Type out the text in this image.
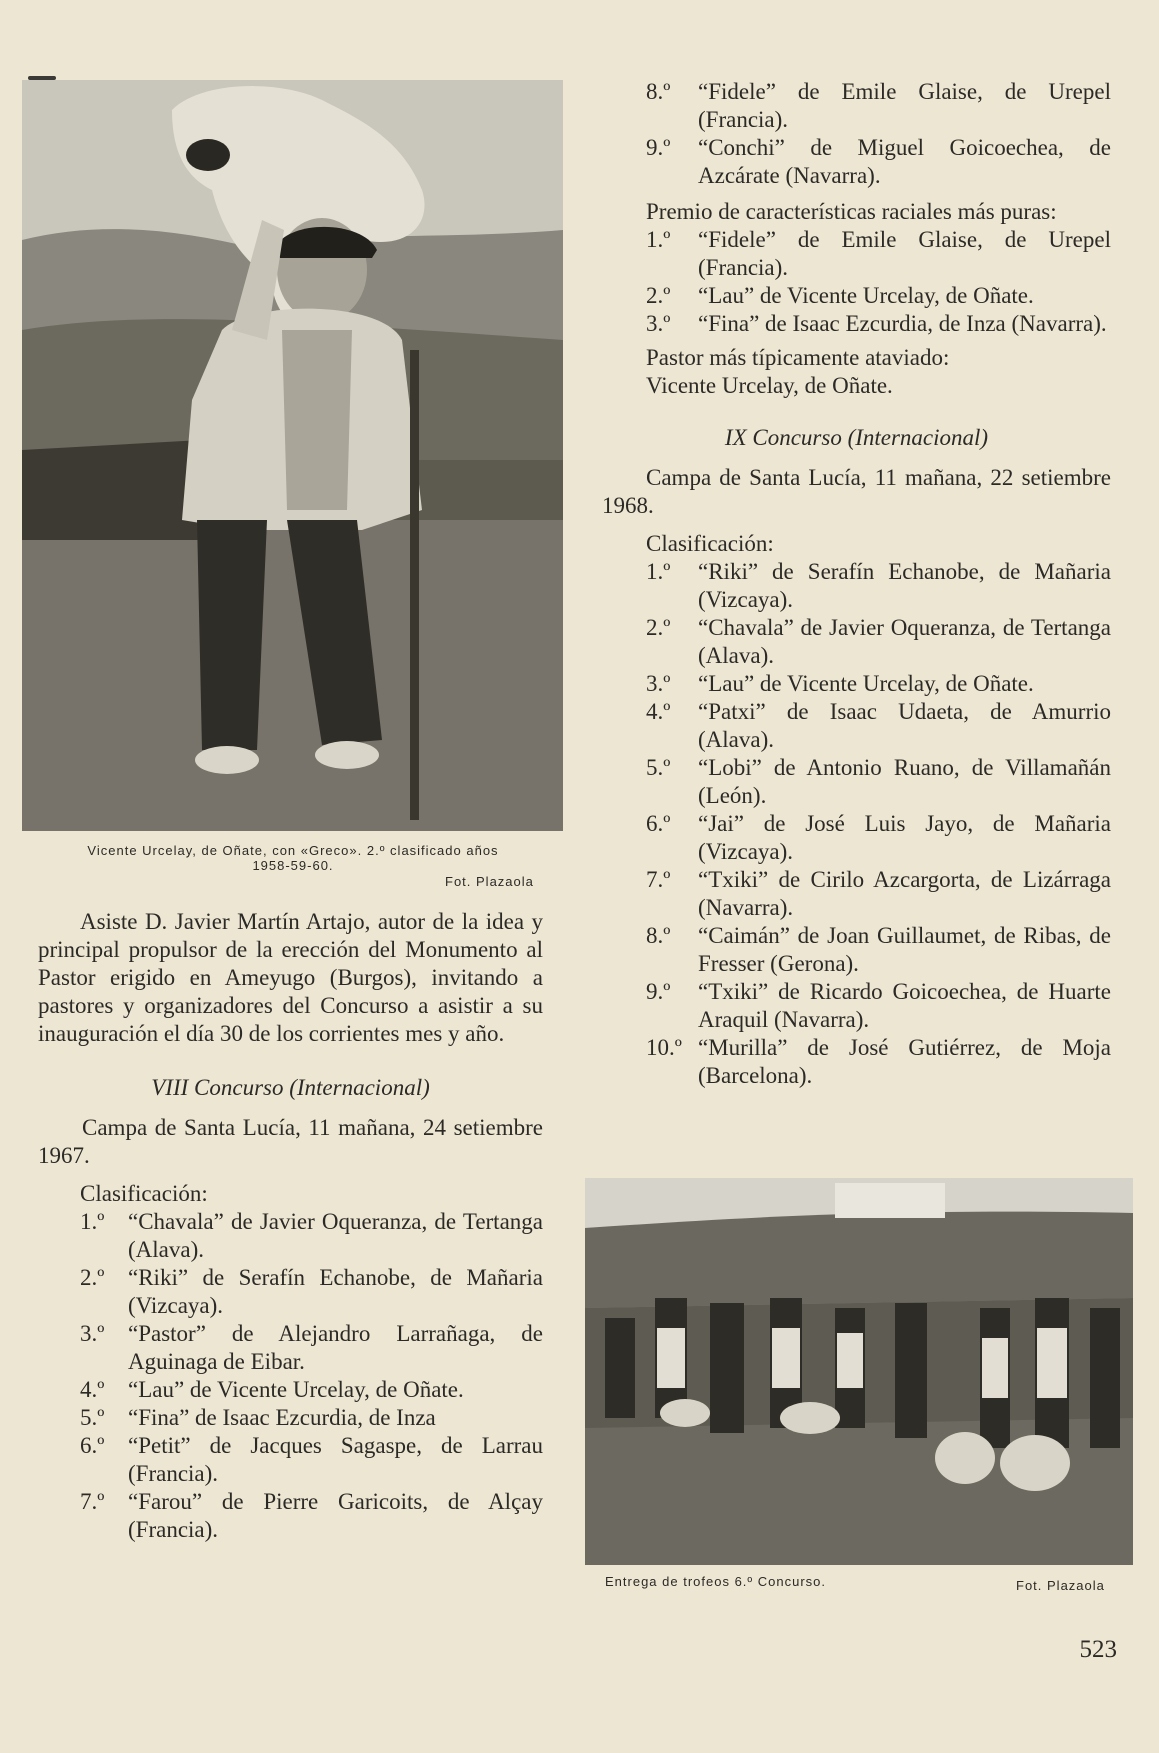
Vicente Urcelay, de Oñate, con «Greco». 2.º clasificado años
1958-59-60.
Fot. Plazaola

Asiste D. Javier Martín Artajo, autor de la idea y principal propulsor de la erección del Monumento al Pastor erigido en Ameyugo (Burgos), invitando a pastores y organizadores del Concurso a asistir a su inauguración el día 30 de los corrientes mes y año.

VIII Concurso (Internacional)

Campa de Santa Lucía, 11 mañana, 24 setiembre 1967.

Clasificación:

1.º	“Chavala” de Javier Oqueranza, de Tertanga (Alava).
2.º	“Riki” de Serafín Echanobe, de Mañaria (Vizcaya).
3.º	“Pastor” de Alejandro Larrañaga, de Aguinaga de Eibar.
4.º	“Lau” de Vicente Urcelay, de Oñate.
5.º	“Fina” de Isaac Ezcurdia, de Inza
6.º	“Petit” de Jacques Sagaspe, de Larrau (Francia).
7.º	“Farou” de Pierre Garicoits, de Alçay (Francia).
8.º	“Fidele” de Emile Glaise, de Urepel (Francia).
9.º	“Conchi” de Miguel Goicoechea, de Azcárate (Navarra).

Premio de características raciales más puras:

1.º	“Fidele” de Emile Glaise, de Urepel (Francia).
2.º	“Lau” de Vicente Urcelay, de Oñate.
3.º	“Fina” de Isaac Ezcurdia, de Inza (Navarra).

Pastor más típicamente ataviado:

Vicente Urcelay, de Oñate.

IX Concurso (Internacional)

Campa de Santa Lucía, 11 mañana, 22 setiembre 1968.

Clasificación:

1.º	“Riki” de Serafín Echanobe, de Mañaria (Vizcaya).
2.º	“Chavala” de Javier Oqueranza, de Tertanga (Alava).
3.º	“Lau” de Vicente Urcelay, de Oñate.
4.º	“Patxi” de Isaac Udaeta, de Amurrio (Alava).
5.º	“Lobi” de Antonio Ruano, de Villamañán (León).
6.º	“Jai” de José Luis Jayo, de Mañaria (Vizcaya).
7.º	“Txiki” de Cirilo Azcargorta, de Lizárraga (Navarra).
8.º	“Caimán” de Joan Guillaumet, de Ribas, de Fresser (Gerona).
9.º	“Txiki” de Ricardo Goicoechea, de Huarte Araquil (Navarra).
10.º “Murilla” de José Gutiérrez, de Moja (Barcelona).
Entrega de trofeos 6.º Concurso.	Fot. Plazaola
523
